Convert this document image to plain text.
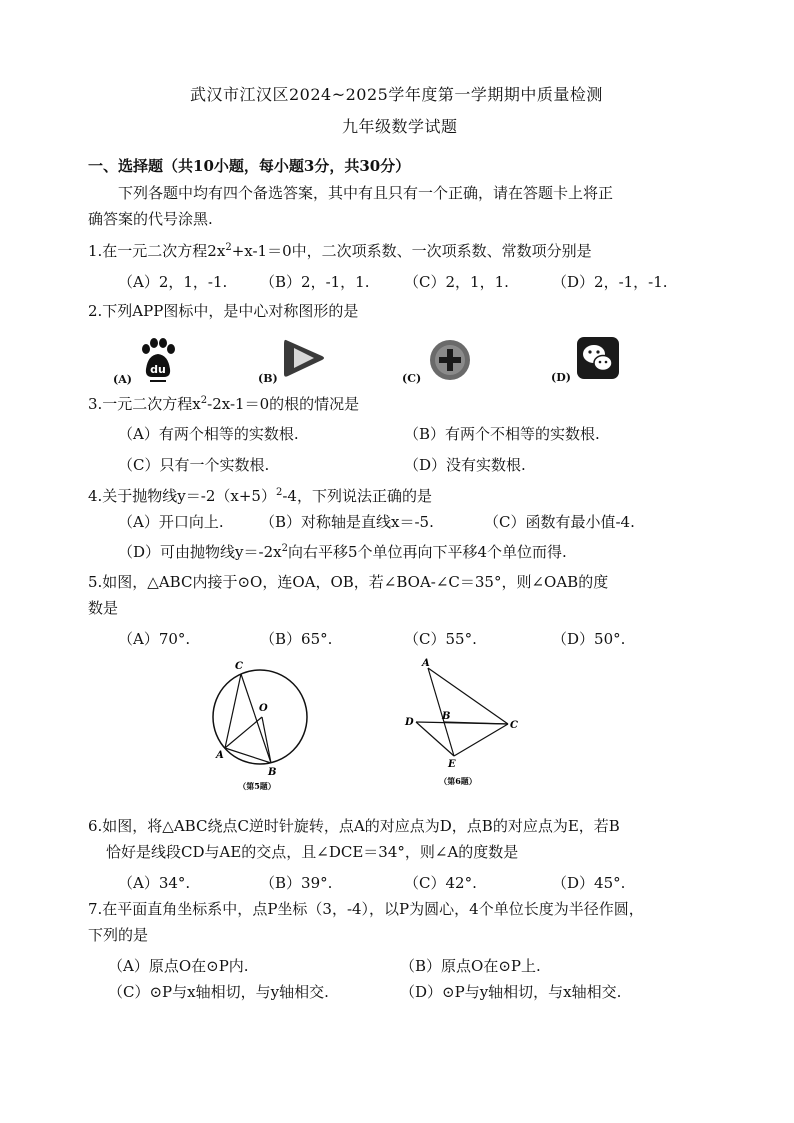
武汉市江汉区2024~2025学年度第一学期期中质量检测
九年级数学试题
一、选择题（共10小题，每小题3分，共30分）
下列各题中均有四个备选答案，其中有且只有一个正确，请在答题卡上将正
确答案的代号涂黑.
1.在一元二次方程$2x^2+x-1=0$中，二次项系数、一次项系数、常数项分别是
（A）2，1，-1. （B）2，-1，1. （C）2，1，1.	（D）2，-1，-1.
2.下列APP图标中，是中心对称图形的是
(A)
du
(B)	(C)	(D)
3.一元二次方程$x^2-2x-1=0$的根的情况是
（A）有两个相等的实数根.	（B）有两个不相等的实数根.
（C）只有一个实数根.	（D）没有实数根.
4.关于抛物线$y=-2(x+5)^2-4$，下列说法正确的是
（A）开口向上. （B）对称轴是直线x＝-5.	（C）函数有最小值-4.
（D）可由抛物线$y=-2x^2$向右平移5个单位再向下平移4个单位而得.
5.如图，△ABC内接于⊙O，连OA，OB，若∠BOA-∠C＝35°，则∠OAB的度
数是
（A）70°.	（B）65°.	（C）55°.	（D）50°.
C
O
A
B
（第5题）
A
D
B
C
E
（第6题）
6.如图，将△ABC绕点C逆时针旋转，点A的对应点为D，点B的对应点为E，若B
恰好是线段CD与AE的交点，且∠DCE＝34°，则∠A的度数是
（A）34°.	（B）39°.	（C）42°.	（D）45°.
7.在平面直角坐标系中，点P坐标（3，-4），以P为圆心，4个单位长度为半径作圆，
下列的是
（A）原点O在⊙P内.	（B）原点O在⊙P上.
（C）⊙P与x轴相切，与y轴相交.	（D）⊙P与y轴相切，与x轴相交.
